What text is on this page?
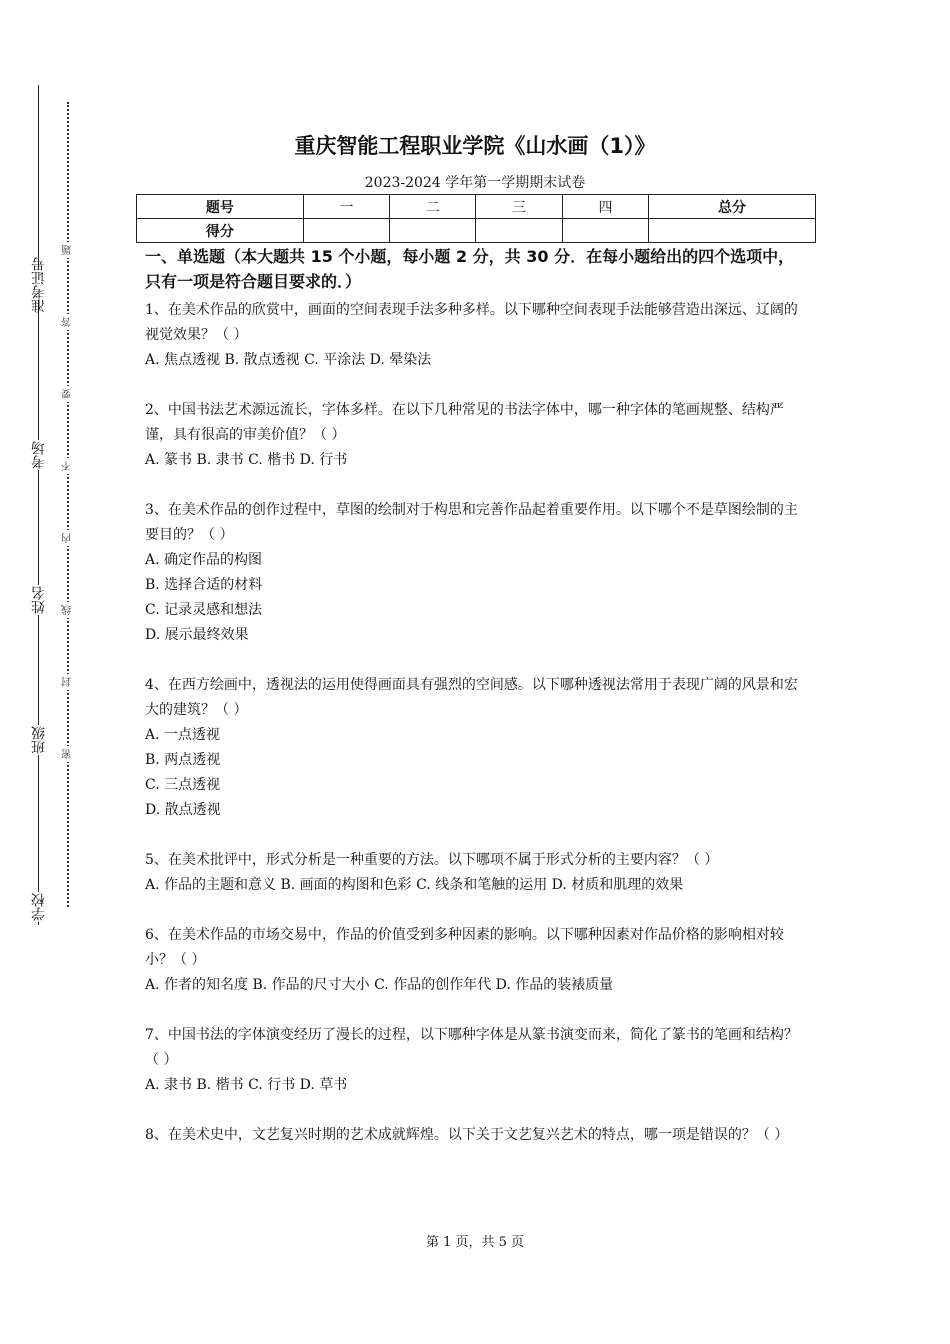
准考证号
考场
姓名
班级
学校
题
答
要
不
内
线
封
密
重庆智能工程职业学院《山水画（1）》
2023-2024 学年第一学期期末试卷
题号	一	二	三	四	总分
得分					
一、单选题（本大题共 15 个小题，每小题 2 分，共 30 分．在每小题给出的四个选项中，只有一项是符合题目要求的．）

1、在美术作品的欣赏中，画面的空间表现手法多种多样。以下哪种空间表现手法能够营造出深远、辽阔的视觉效果？（ ）

A. 焦点透视 B. 散点透视 C. 平涂法 D. 晕染法

2、中国书法艺术源远流长，字体多样。在以下几种常见的书法字体中，哪一种字体的笔画规整、结构严谨，具有很高的审美价值？（ ）

A. 篆书 B. 隶书 C. 楷书 D. 行书

3、在美术作品的创作过程中，草图的绘制对于构思和完善作品起着重要作用。以下哪个不是草图绘制的主要目的？（ ）

A. 确定作品的构图

B. 选择合适的材料

C. 记录灵感和想法

D. 展示最终效果

4、在西方绘画中，透视法的运用使得画面具有强烈的空间感。以下哪种透视法常用于表现广阔的风景和宏大的建筑？（ ）

A. 一点透视

B. 两点透视

C. 三点透视

D. 散点透视

5、在美术批评中，形式分析是一种重要的方法。以下哪项不属于形式分析的主要内容？（ ）

A. 作品的主题和意义 B. 画面的构图和色彩 C. 线条和笔触的运用 D. 材质和肌理的效果

6、在美术作品的市场交易中，作品的价值受到多种因素的影响。以下哪种因素对作品价格的影响相对较小？（ ）

A. 作者的知名度 B. 作品的尺寸大小 C. 作品的创作年代 D. 作品的装裱质量

7、中国书法的字体演变经历了漫长的过程，以下哪种字体是从篆书演变而来，简化了篆书的笔画和结构？（ ）

A. 隶书 B. 楷书 C. 行书 D. 草书

8、在美术史中，文艺复兴时期的艺术成就辉煌。以下关于文艺复兴艺术的特点，哪一项是错误的？（ ）

第 1 页，共 5 页
